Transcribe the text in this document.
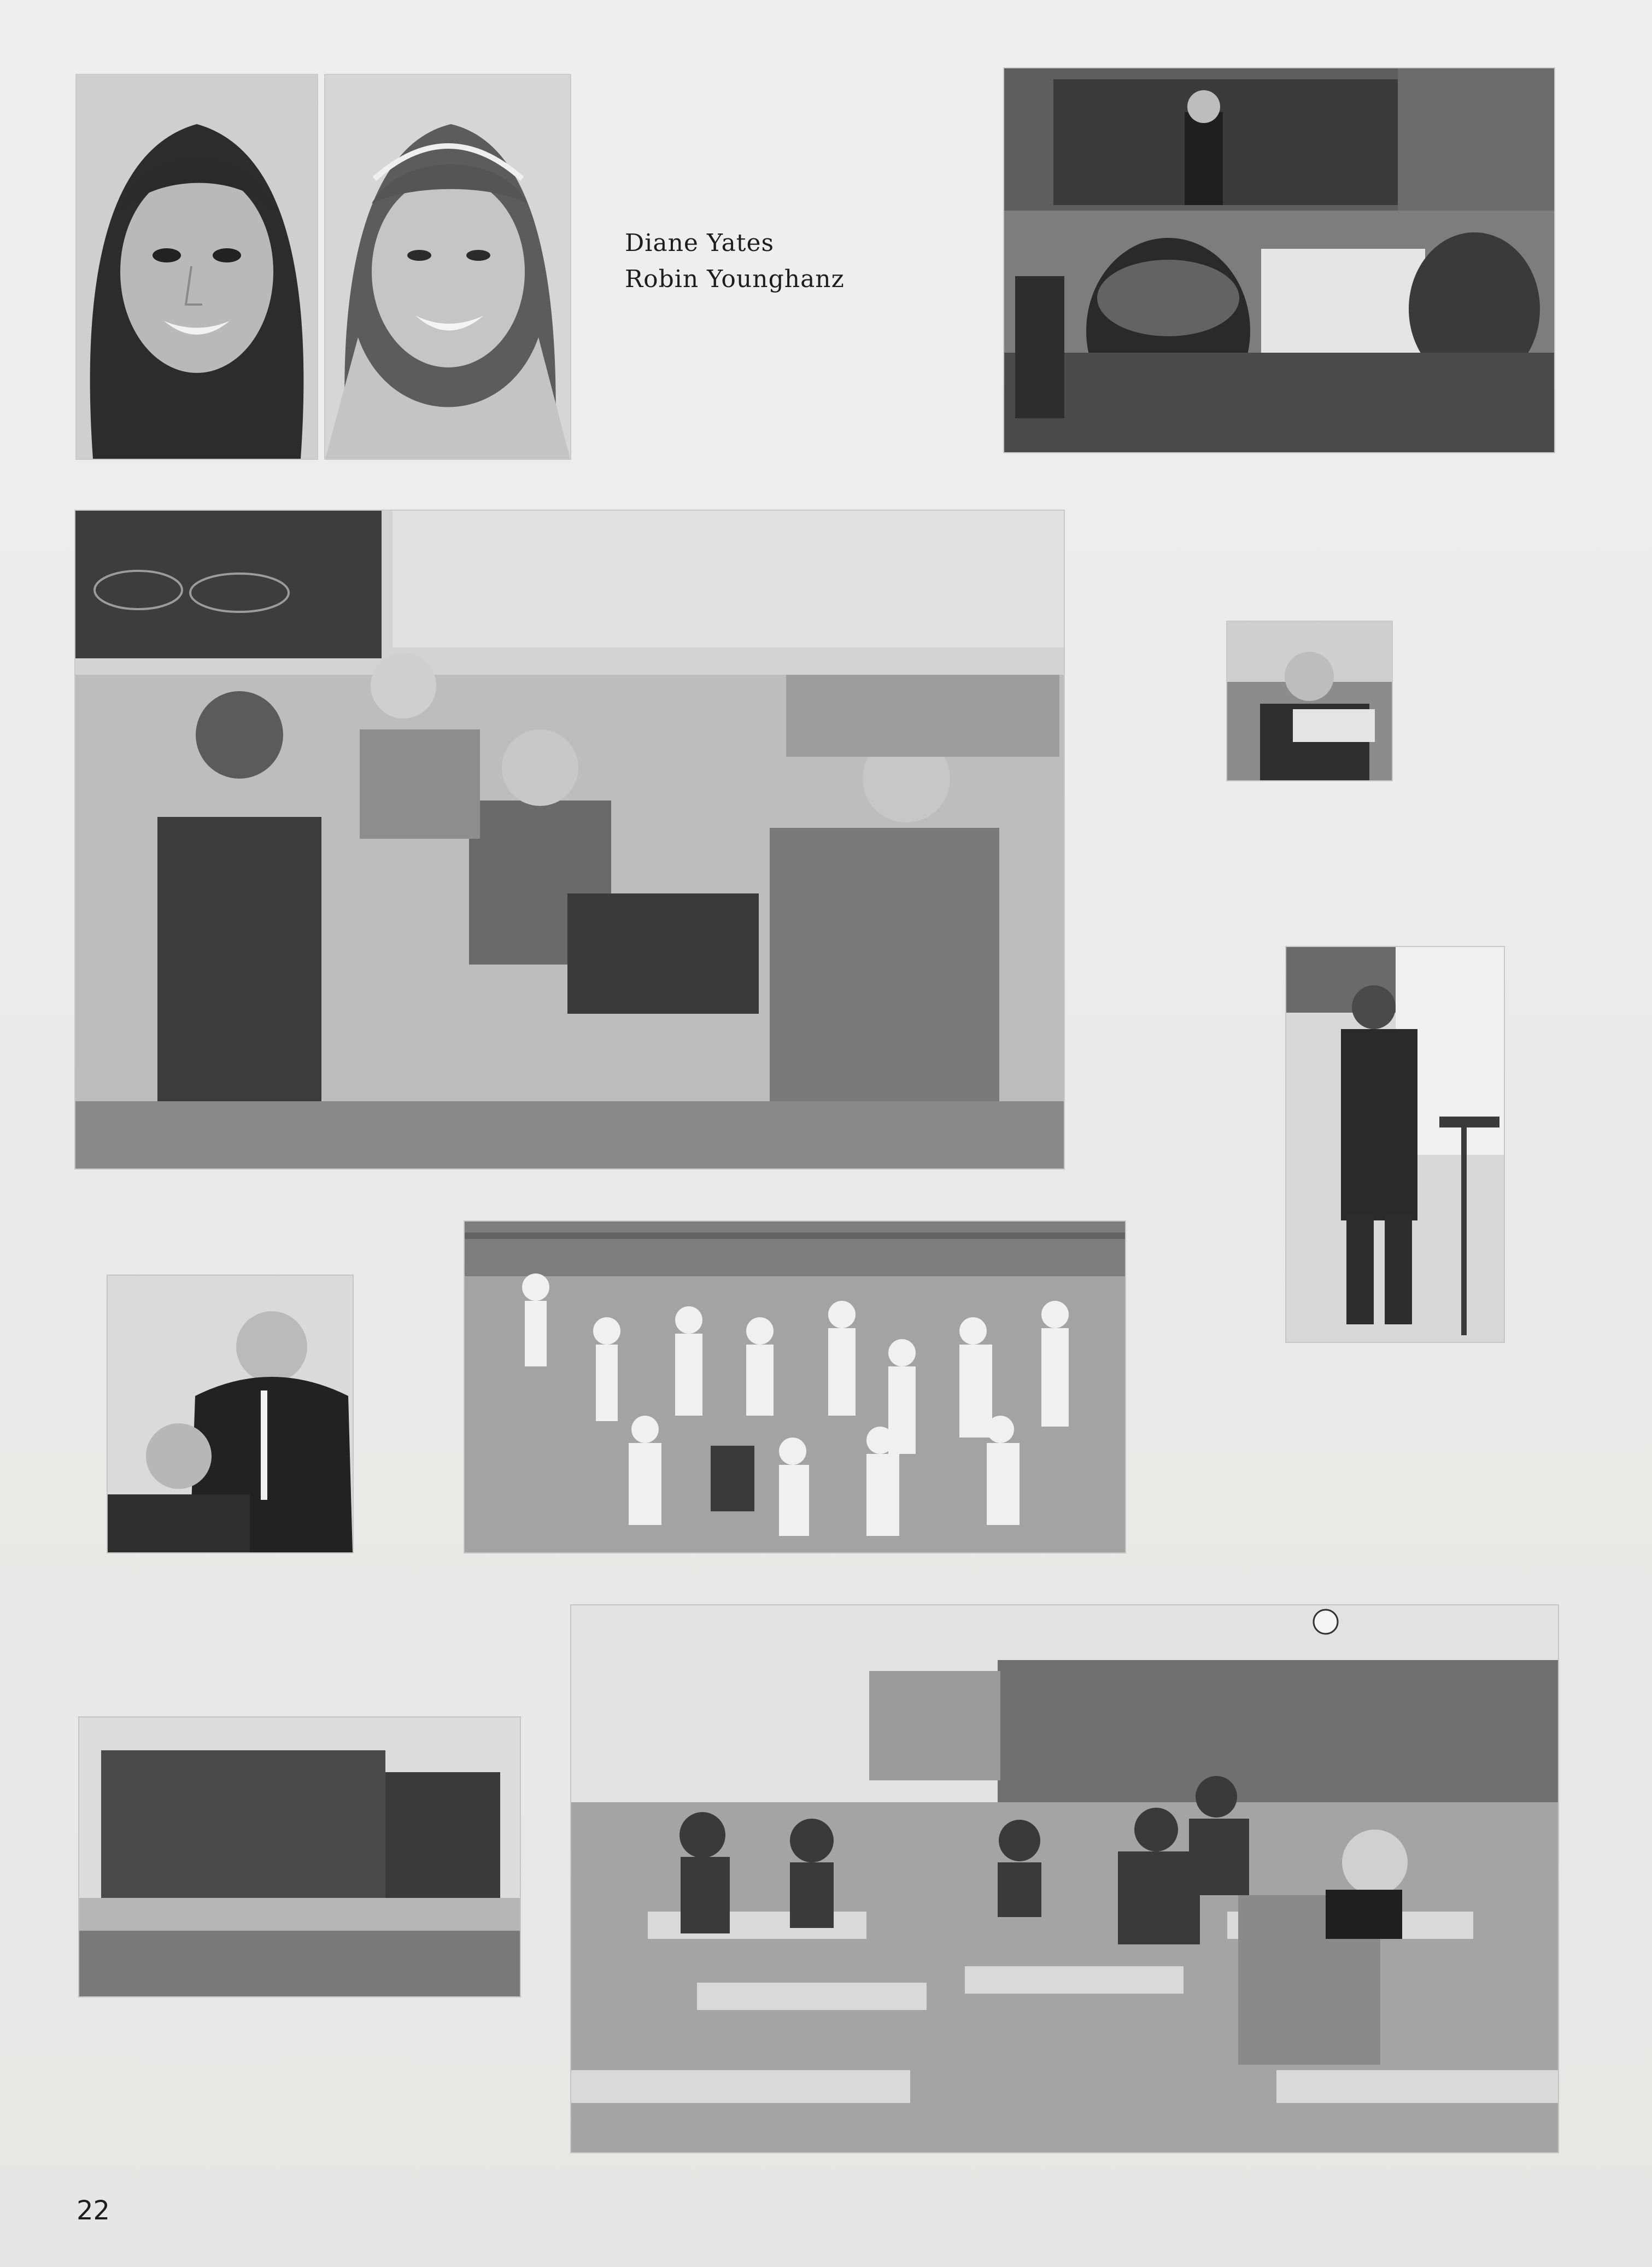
Diane Yates
Robin Younghanz
22
